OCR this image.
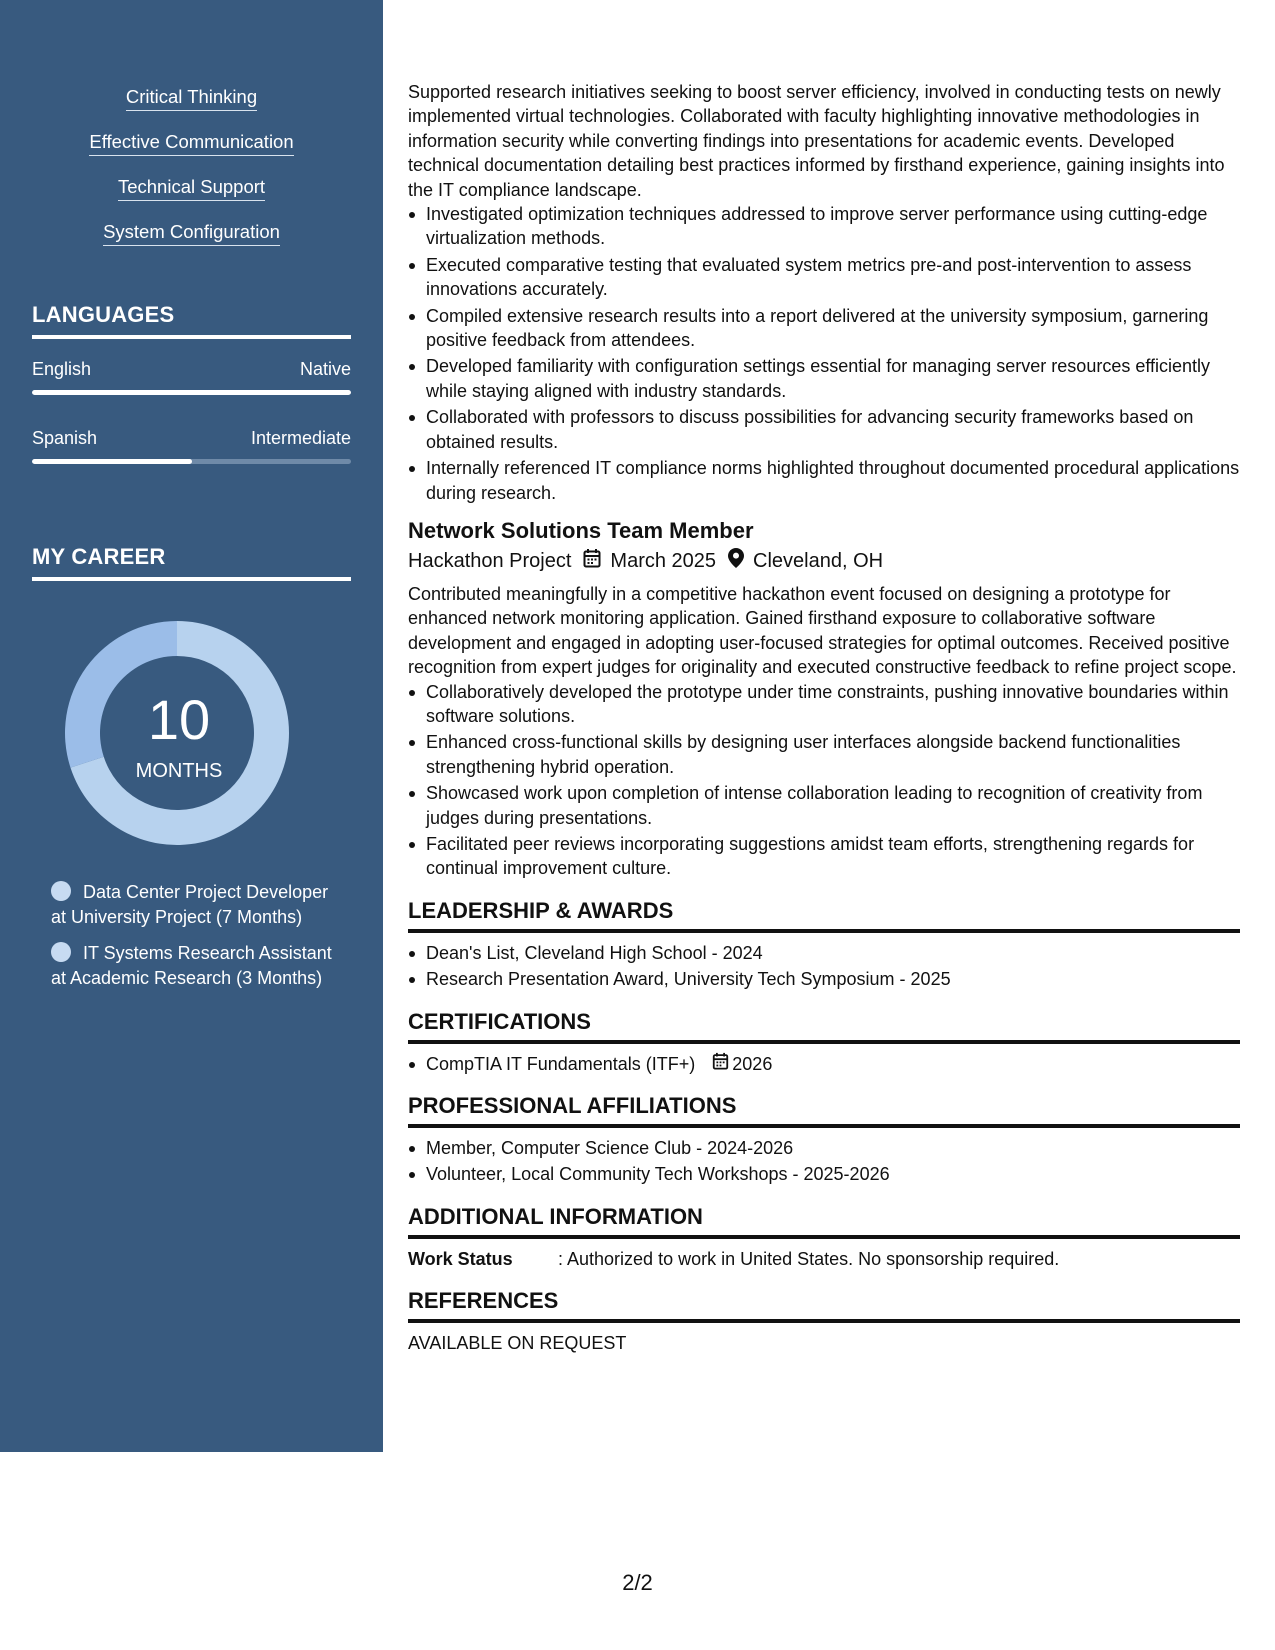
Critical Thinking
Effective Communication
Technical Support
System Configuration
LANGUAGES
English	Native
Spanish	Intermediate
MY CAREER
10
MONTHS
Data Center Project Developer at University Project (7 Months)
IT Systems Research Assistant at Academic Research (3 Months)

Supported research initiatives seeking to boost server efficiency, involved in conducting tests on newly implemented virtual technologies. Collaborated with faculty highlighting innovative methodologies in information security while converting findings into presentations for academic events. Developed technical documentation detailing best practices informed by firsthand experience, gaining insights into the IT compliance landscape.

Investigated optimization techniques addressed to improve server performance using cutting-edge virtualization methods.
Executed comparative testing that evaluated system metrics pre-and post-intervention to assess innovations accurately.
Compiled extensive research results into a report delivered at the university symposium, garnering positive feedback from attendees.
Developed familiarity with configuration settings essential for managing server resources efficiently while staying aligned with industry standards.
Collaborated with professors to discuss possibilities for advancing security frameworks based on obtained results.
Internally referenced IT compliance norms highlighted throughout documented procedural applications during research.
Network Solutions Team Member
Hackathon Project March 2025 Cleveland, OH

Contributed meaningfully in a competitive hackathon event focused on designing a prototype for enhanced network monitoring application. Gained firsthand exposure to collaborative software development and engaged in adopting user-focused strategies for optimal outcomes. Received positive recognition from expert judges for originality and executed constructive feedback to refine project scope.

Collaboratively developed the prototype under time constraints, pushing innovative boundaries within software solutions.
Enhanced cross-functional skills by designing user interfaces alongside backend functionalities strengthening hybrid operation.
Showcased work upon completion of intense collaboration leading to recognition of creativity from judges during presentations.
Facilitated peer reviews incorporating suggestions amidst team efforts, strengthening regards for continual improvement culture.
LEADERSHIP & AWARDS
Dean's List, Cleveland High School - 2024
Research Presentation Award, University Tech Symposium - 2025
CERTIFICATIONS
CompTIA IT Fundamentals (ITF+) 2026
PROFESSIONAL AFFILIATIONS
Member, Computer Science Club - 2024-2026
Volunteer, Local Community Tech Workshops - 2025-2026
ADDITIONAL INFORMATION
Work Status	: Authorized to work in United States. No sponsorship required.
REFERENCES
AVAILABLE ON REQUEST
2/2
